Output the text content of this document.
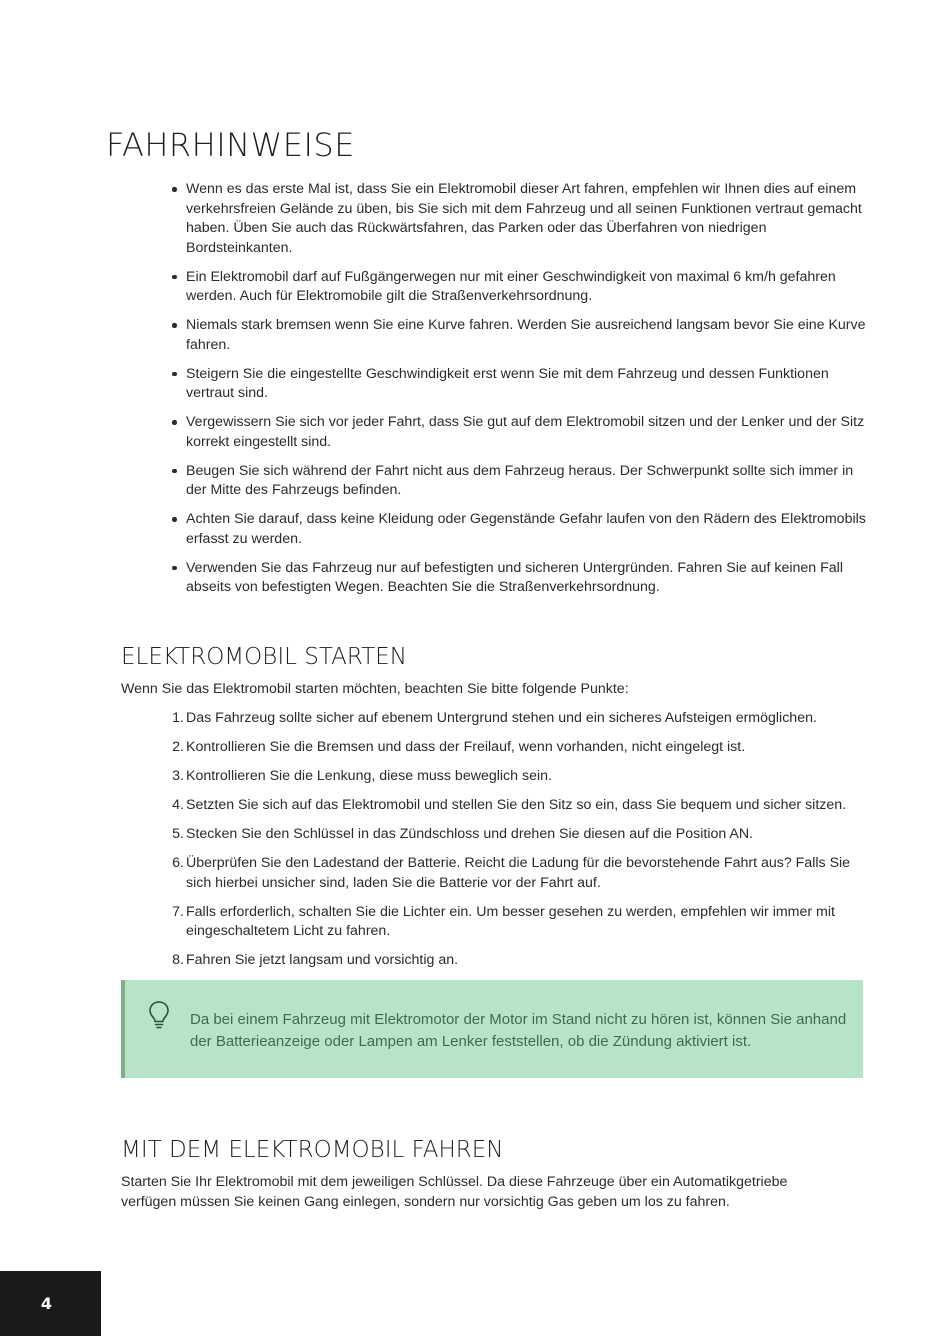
FAHRHINWEISE
Wenn es das erste Mal ist, dass Sie ein Elektromobil dieser Art fahren, empfehlen wir Ihnen dies auf einem verkehrsfreien Gelände zu üben, bis Sie sich mit dem Fahrzeug und all seinen Funktionen vertraut gemacht haben. Üben Sie auch das Rückwärtsfahren, das Parken oder das Überfahren von niedrigen Bordsteinkanten.
Ein Elektromobil darf auf Fußgängerwegen nur mit einer Geschwindigkeit von maximal 6 km/h gefahren werden. Auch für Elektromobile gilt die Straßenverkehrsordnung.
Niemals stark bremsen wenn Sie eine Kurve fahren. Werden Sie ausreichend langsam bevor Sie eine Kurve fahren.
Steigern Sie die eingestellte Geschwindigkeit erst wenn Sie mit dem Fahrzeug und dessen Funktionen vertraut sind.
Vergewissern Sie sich vor jeder Fahrt, dass Sie gut auf dem Elektromobil sitzen und der Lenker und der Sitz korrekt eingestellt sind.
Beugen Sie sich während der Fahrt nicht aus dem Fahrzeug heraus. Der Schwerpunkt sollte sich immer in der Mitte des Fahrzeugs befinden.
Achten Sie darauf, dass keine Kleidung oder Gegenstände Gefahr laufen von den Rädern des Elektromobils erfasst zu werden.
Verwenden Sie das Fahrzeug nur auf befestigten und sicheren Untergründen. Fahren Sie auf keinen Fall abseits von befestigten Wegen. Beachten Sie die Straßenverkehrsordnung.
ELEKTROMOBIL STARTEN

Wenn Sie das Elektromobil starten möchten, beachten Sie bitte folgende Punkte:

1. Das Fahrzeug sollte sicher auf ebenem Untergrund stehen und ein sicheres Aufsteigen ermöglichen.
2. Kontrollieren Sie die Bremsen und dass der Freilauf, wenn vorhanden, nicht eingelegt ist.
3. Kontrollieren Sie die Lenkung, diese muss beweglich sein.
4. Setzten Sie sich auf das Elektromobil und stellen Sie den Sitz so ein, dass Sie bequem und sicher sitzen.
5. Stecken Sie den Schlüssel in das Zündschloss und drehen Sie diesen auf die Position AN.
6. Überprüfen Sie den Ladestand der Batterie. Reicht die Ladung für die bevorstehende Fahrt aus? Falls Sie sich hierbei unsicher sind, laden Sie die Batterie vor der Fahrt auf.
7. Falls erforderlich, schalten Sie die Lichter ein. Um besser gesehen zu werden, empfehlen wir immer mit eingeschaltetem Licht zu fahren.
8. Fahren Sie jetzt langsam und vorsichtig an.

Da bei einem Fahrzeug mit Elektromotor der Motor im Stand nicht zu hören ist, können Sie anhand der Batterieanzeige oder Lampen am Lenker feststellen, ob die Zündung aktiviert ist.

MIT DEM ELEKTROMOBIL FAHREN

Starten Sie Ihr Elektromobil mit dem jeweiligen Schlüssel. Da diese Fahrzeuge über ein Automatikgetriebe verfügen müssen Sie keinen Gang einlegen, sondern nur vorsichtig Gas geben um los zu fahren.

4
